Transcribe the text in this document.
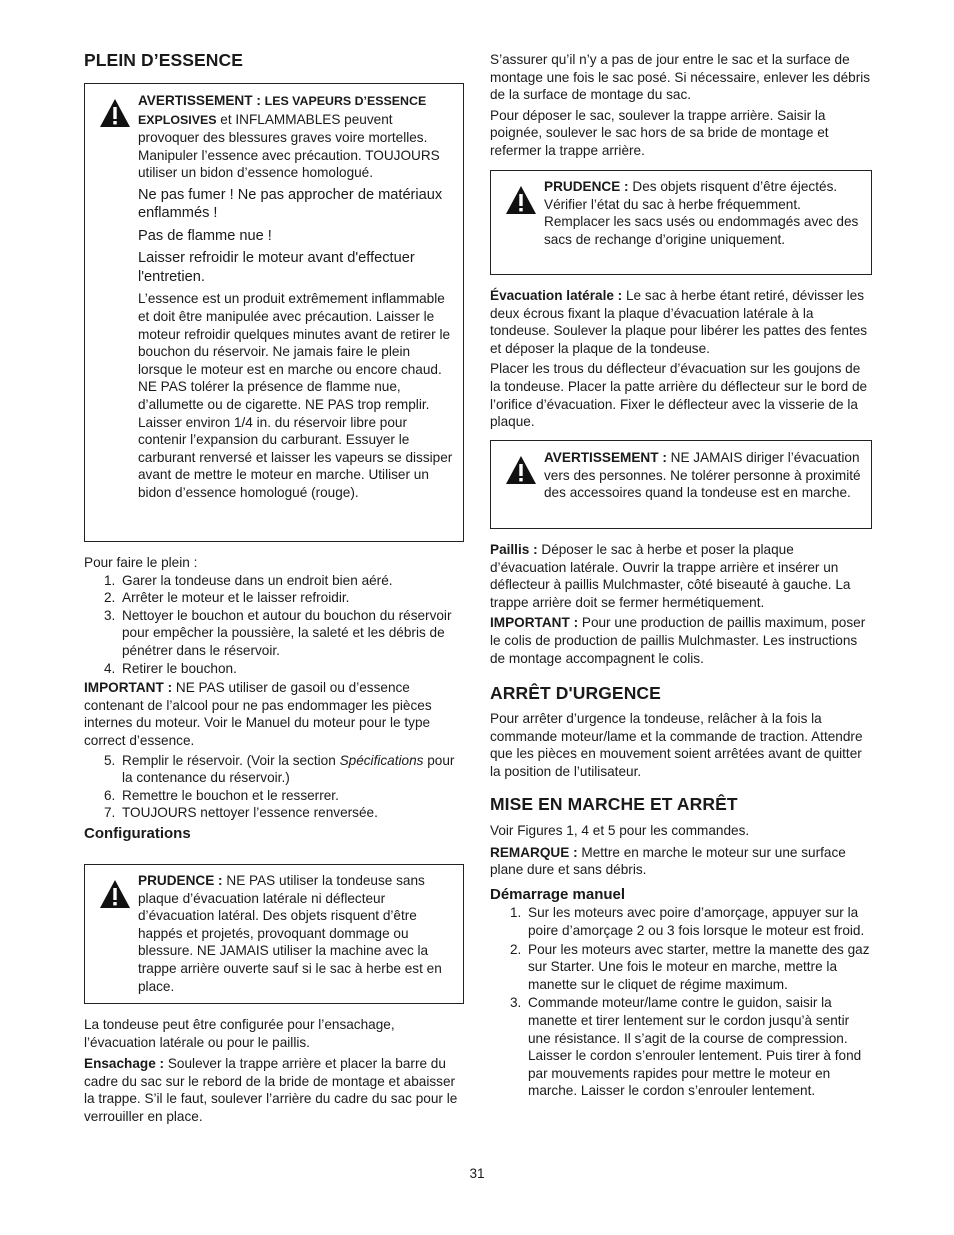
PLEIN D’ESSENCE

AVERTISSEMENT : LES VAPEURS D’ESSENCE EXPLOSIVES et INFLAMMABLES peuvent provoquer des blessures graves voire mortelles. Manipuler l’essence avec précaution. TOUJOURS utiliser un bidon d’essence homologué.

Ne pas fumer ! Ne pas approcher de matériaux enflammés !

Pas de flamme nue !

Laisser refroidir le moteur avant d'effectuer l'entretien.

L’essence est un produit extrêmement inflammable et doit être manipulée avec précaution. Laisser le moteur refroidir quelques minutes avant de retirer le bouchon du réservoir. Ne jamais faire le plein lorsque le moteur est en marche ou encore chaud. NE PAS tolérer la présence de flamme nue, d’allumette ou de cigarette. NE PAS trop remplir. Laisser environ 1/4 in. du réservoir libre pour contenir l’expansion du carburant. Essuyer le carburant renversé et laisser les vapeurs se dissiper avant de mettre le moteur en marche. Utiliser un bidon d’essence homologué (rouge).

Pour faire le plein :

1. Garer la tondeuse dans un endroit bien aéré.
2. Arrêter le moteur et le laisser refroidir.
3. Nettoyer le bouchon et autour du bouchon du réservoir pour empêcher la poussière, la saleté et les débris de pénétrer dans le réservoir.
4. Retirer le bouchon.

IMPORTANT : NE PAS utiliser de gasoil ou d’essence contenant de l’alcool pour ne pas endommager les pièces internes du moteur. Voir le Manuel du moteur pour le type correct d’essence.

5. Remplir le réservoir. (Voir la section Spécifications pour la contenance du réservoir.)
6. Remettre le bouchon et le resserrer.
7. TOUJOURS nettoyer l’essence renversée.
Configurations

PRUDENCE : NE PAS utiliser la tondeuse sans plaque d’évacuation latérale ni déflecteur d’évacuation latéral. Des objets risquent d’être happés et projetés, provoquant dommage ou blessure. NE JAMAIS utiliser la machine avec la trappe arrière ouverte sauf si le sac à herbe est en place.

La tondeuse peut être configurée pour l’ensachage, l’évacuation latérale ou pour le paillis.

Ensachage : Soulever la trappe arrière et placer la barre du cadre du sac sur le rebord de la bride de montage et abaisser la trappe. S’il le faut, soulever l’arrière du cadre du sac pour le verrouiller en place.

S’assurer qu’il n’y a pas de jour entre le sac et la surface de montage une fois le sac posé. Si nécessaire, enlever les débris de la surface de montage du sac.

Pour déposer le sac, soulever la trappe arrière. Saisir la poignée, soulever le sac hors de sa bride de montage et refermer la trappe arrière.

PRUDENCE : Des objets risquent d’être éjectés. Vérifier l’état du sac à herbe fréquemment. Remplacer les sacs usés ou endommagés avec des sacs de rechange d’origine uniquement.

Évacuation latérale : Le sac à herbe étant retiré, dévisser les deux écrous fixant la plaque d’évacuation latérale à la tondeuse. Soulever la plaque pour libérer les pattes des fentes et déposer la plaque de la tondeuse.

Placer les trous du déflecteur d’évacuation sur les goujons de la tondeuse. Placer la patte arrière du déflecteur sur le bord de l’orifice d’évacuation. Fixer le déflecteur avec la visserie de la plaque.

AVERTISSEMENT : NE JAMAIS diriger l’évacuation vers des personnes. Ne tolérer personne à proximité des accessoires quand la tondeuse est en marche.

Paillis : Déposer le sac à herbe et poser la plaque d’évacuation latérale. Ouvrir la trappe arrière et insérer un déflecteur à paillis Mulchmaster, côté biseauté à gauche. La trappe arrière doit se fermer hermétiquement.

IMPORTANT : Pour une production de paillis maximum, poser le colis de production de paillis Mulchmaster. Les instructions de montage accompagnent le colis.

ARRÊT D'URGENCE

Pour arrêter d’urgence la tondeuse, relâcher à la fois la commande moteur/lame et la commande de traction. Attendre que les pièces en mouvement soient arrêtées avant de quitter la position de l’utilisateur.

MISE EN MARCHE ET ARRÊT

Voir Figures 1, 4 et 5 pour les commandes.

REMARQUE : Mettre en marche le moteur sur une surface plane dure et sans débris.

Démarrage manuel
1. Sur les moteurs avec poire d’amorçage, appuyer sur la poire d’amorçage 2 ou 3 fois lorsque le moteur est froid.
2. Pour les moteurs avec starter, mettre la manette des gaz sur Starter. Une fois le moteur en marche, mettre la manette sur le cliquet de régime maximum.
3. Commande moteur/lame contre le guidon, saisir la manette et tirer lentement sur le cordon jusqu’à sentir une résistance. Il s’agit de la course de compression. Laisser le cordon s’enrouler lentement. Puis tirer à fond par mouvements rapides pour mettre le moteur en marche. Laisser le cordon s’enrouler lentement.
31
